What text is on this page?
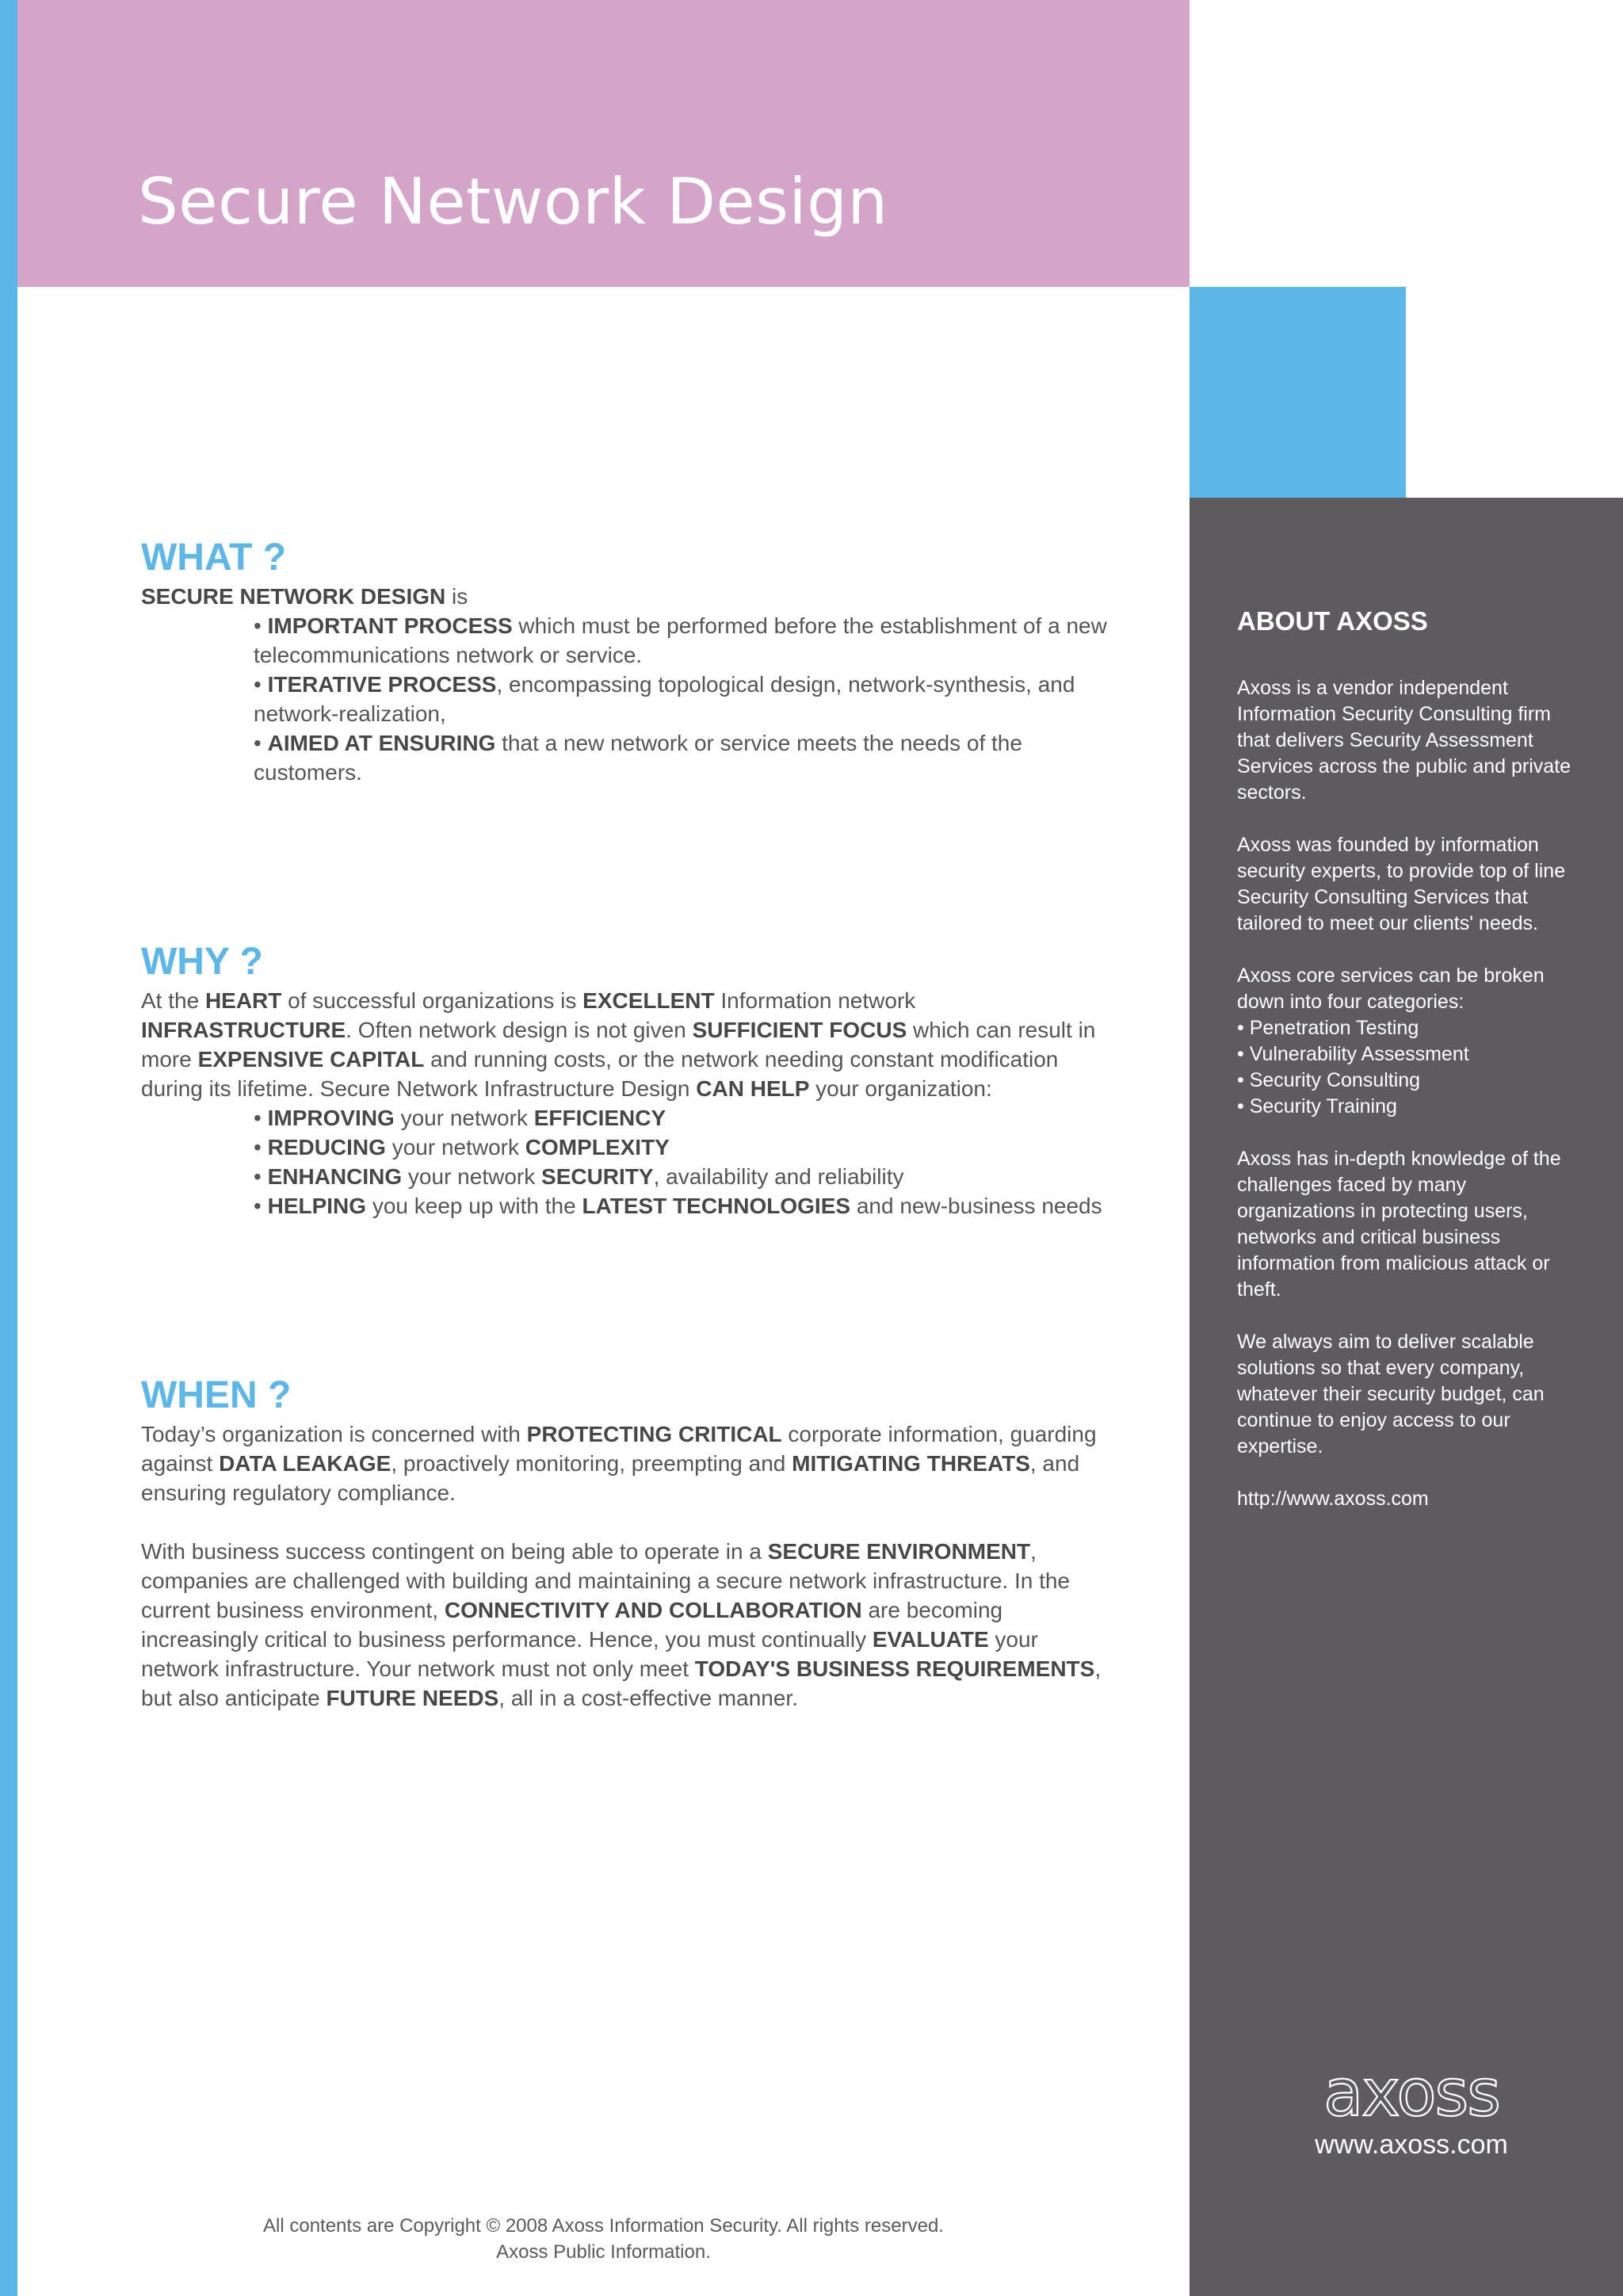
Secure Network Design
WHAT ?

SECURE NETWORK DESIGN is

• IMPORTANT PROCESS which must be performed before the establishment of a new telecommunications network or service.
• ITERATIVE PROCESS, encompassing topological design, network-synthesis, and network-realization,
• AIMED AT ENSURING that a new network or service meets the needs of the customers.
WHY ?

At the HEART of successful organizations is EXCELLENT Information network INFRASTRUCTURE. Often network design is not given SUFFICIENT FOCUS which can result in more EXPENSIVE CAPITAL and running costs, or the network needing constant modification during its lifetime. Secure Network Infrastructure Design CAN HELP your organization:

• IMPROVING your network EFFICIENCY
• REDUCING your network COMPLEXITY
• ENHANCING your network SECURITY, availability and reliability
• HELPING you keep up with the LATEST TECHNOLOGIES and new-business needs
WHEN ?

Today’s organization is concerned with PROTECTING CRITICAL corporate information, guarding against DATA LEAKAGE, proactively monitoring, preempting and MITIGATING THREATS, and ensuring regulatory compliance.

With business success contingent on being able to operate in a SECURE ENVIRONMENT, companies are challenged with building and maintaining a secure network infrastructure. In the current business environment, CONNECTIVITY AND COLLABORATION are becoming increasingly critical to business performance. Hence, you must continually EVALUATE your network infrastructure. Your network must not only meet TODAY'S BUSINESS REQUIREMENTS, but also anticipate FUTURE NEEDS, all in a cost-effective manner.

ABOUT AXOSS

Axoss is a vendor independent Information Security Consulting firm that delivers Security Assessment Services across the public and private sectors.

Axoss was founded by information security experts, to provide top of line Security Consulting Services that tailored to meet our clients' needs.

Axoss core services can be broken down into four categories:

• Penetration Testing
• Vulnerability Assessment
• Security Consulting
• Security Training

Axoss has in-depth knowledge of the challenges faced by many organizations in protecting users, networks and critical business information from malicious attack or theft.

We always aim to deliver scalable solutions so that every company, whatever their security budget, can continue to enjoy access to our expertise.

http://www.axoss.com

axoss
www.axoss.com
All contents are Copyright © 2008 Axoss Information Security. All rights reserved.
Axoss Public Information.
